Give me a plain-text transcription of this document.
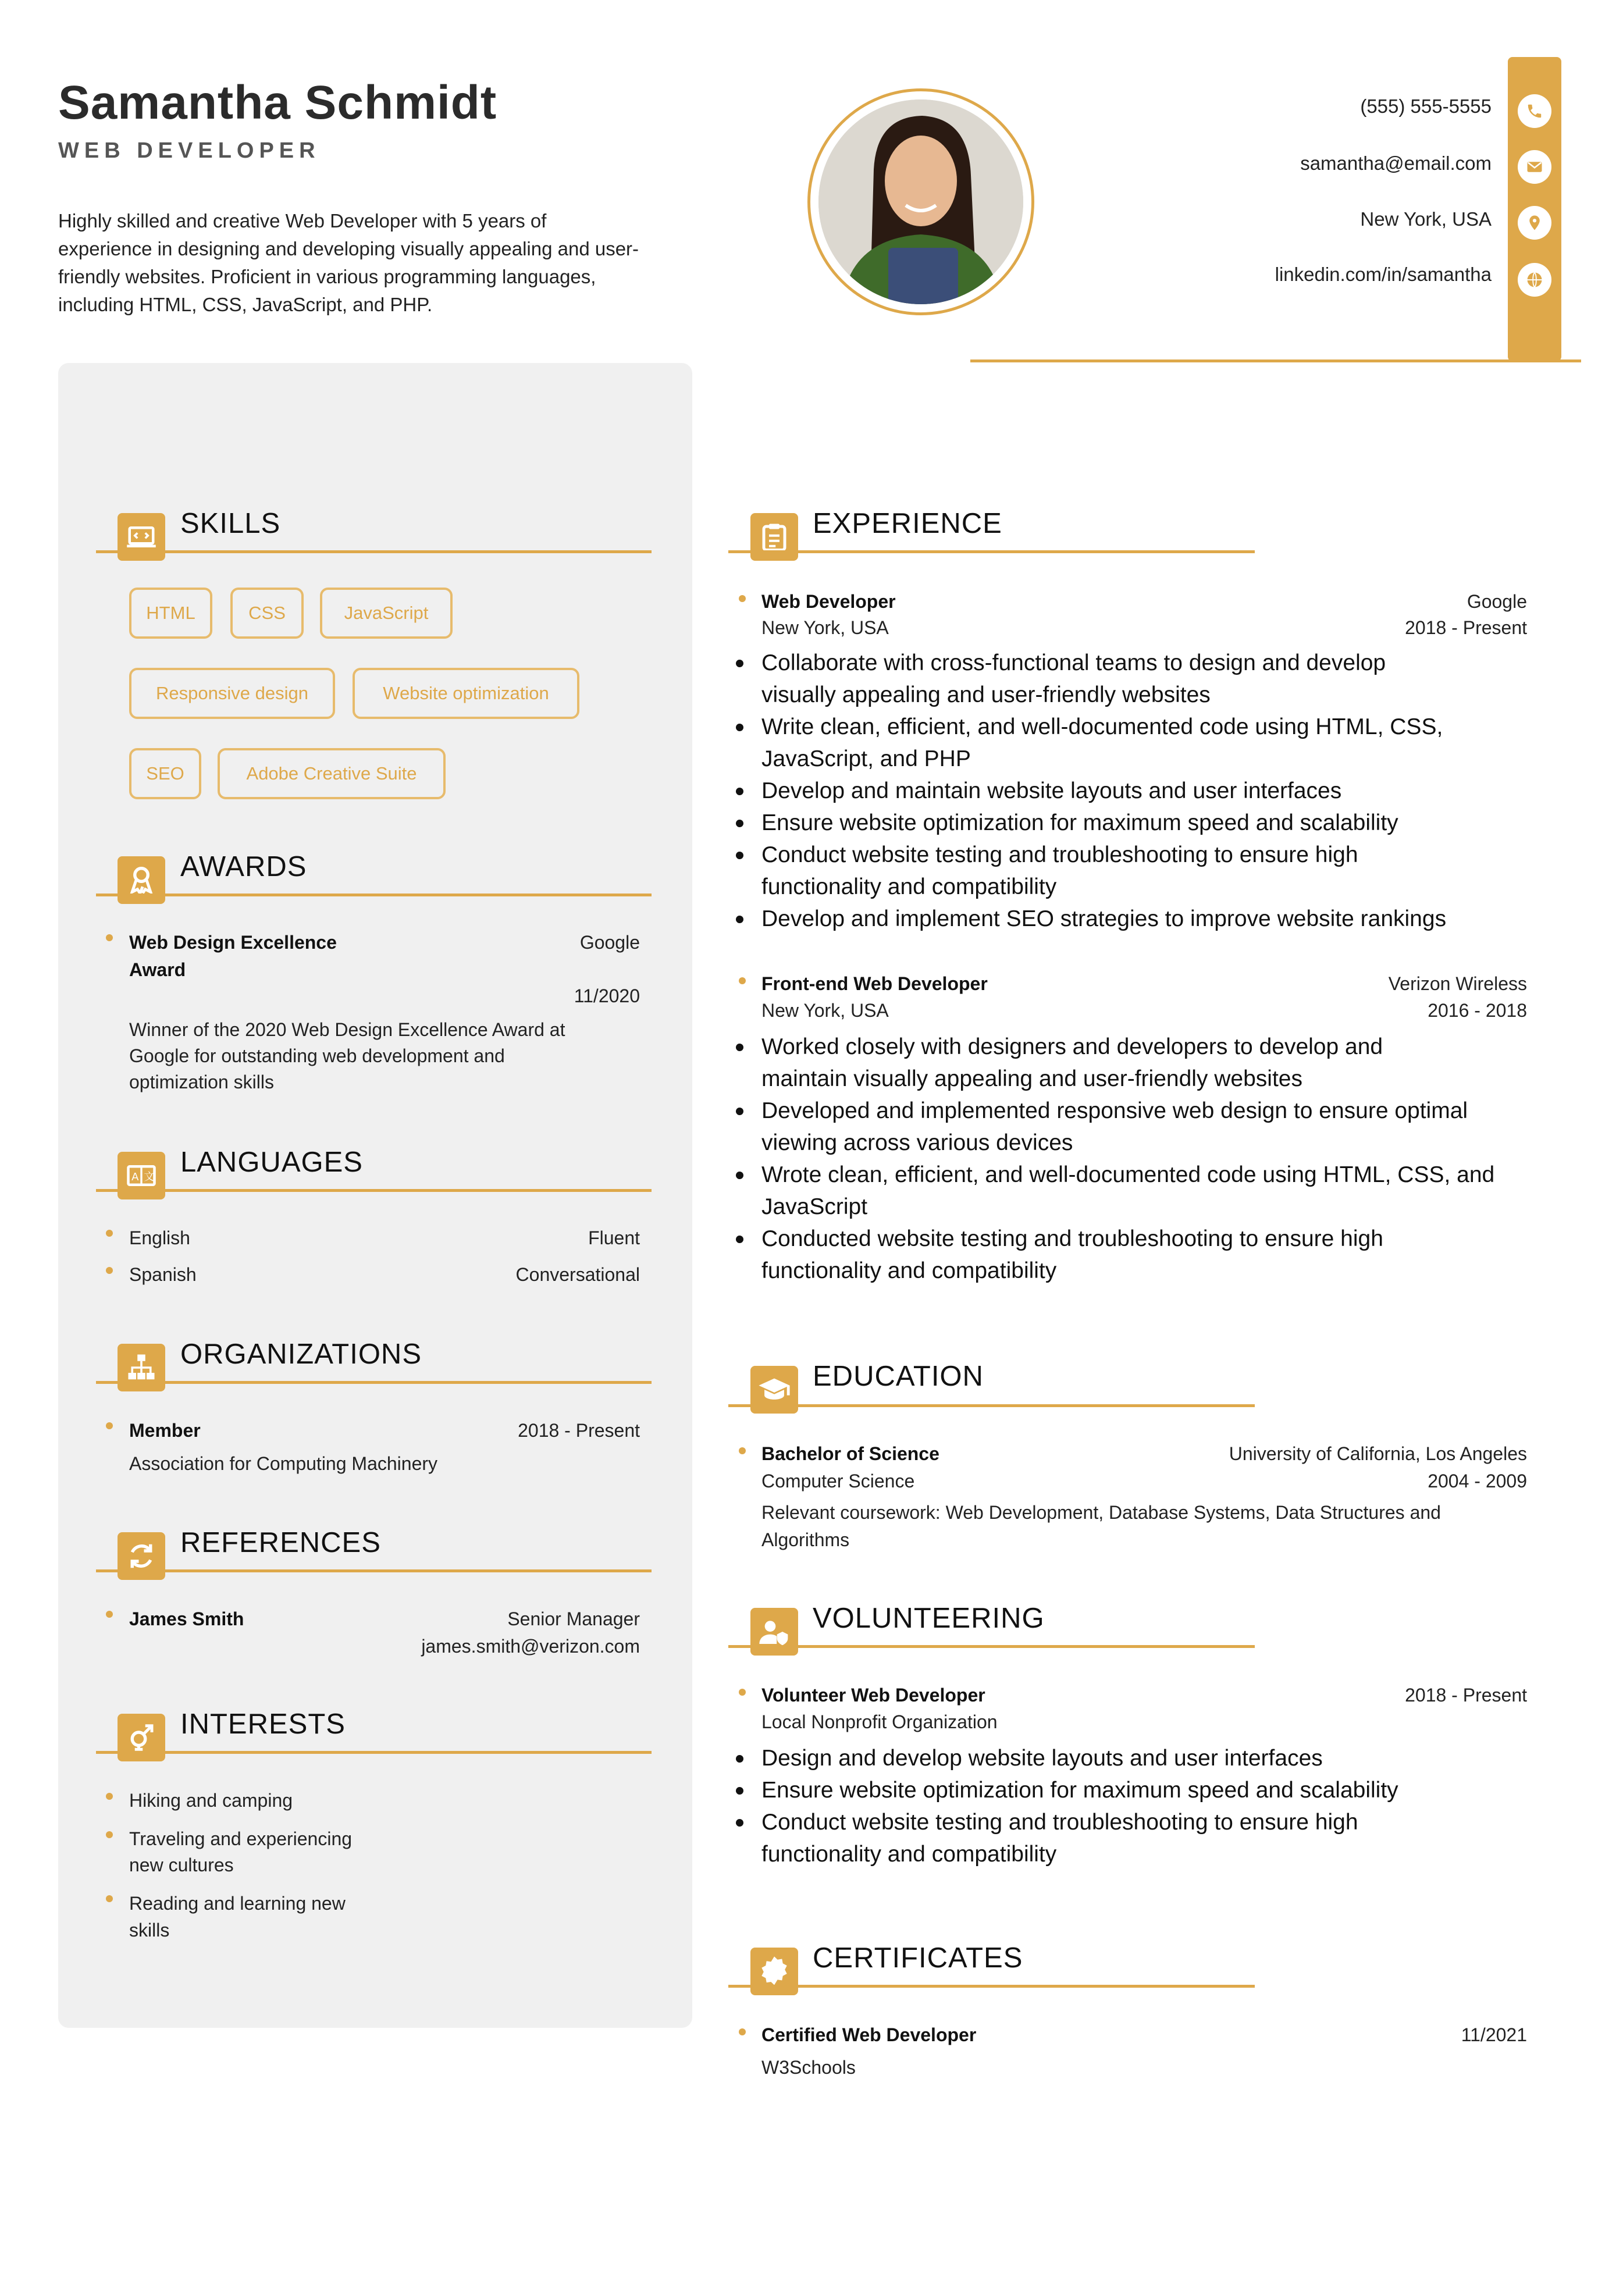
Samantha Schmidt
WEB DEVELOPER
Highly skilled and creative Web Developer with 5 years of experience in designing and developing visually appealing and user-friendly websites. Proficient in various programming languages, including HTML, CSS, JavaScript, and PHP.
(555) 555-5555
samantha@email.com
New York, USA
linkedin.com/in/samantha
SKILLS
HTML	CSS	JavaScript
Responsive design	Website optimization
SEO	Adobe Creative Suite
AWARDS
Web Design Excellence
Award
Google
11/2020
Winner of the 2020 Web Design Excellence Award at
Google for outstanding web development and
optimization skills
A 文 LANGUAGES
English	Fluent
Spanish	Conversational
ORGANIZATIONS
Member	2018 - Present
Association for Computing Machinery
REFERENCES
James Smith	Senior Manager
james.smith@verizon.com
INTERESTS
Hiking and camping
Traveling and experiencing
new cultures
Reading and learning new
skills
EXPERIENCE
Web Developer	Google
New York, USA	2018 - Present
Collaborate with cross-functional teams to design and develop
visually appealing and user-friendly websites
Write clean, efficient, and well-documented code using HTML, CSS,
JavaScript, and PHP
Develop and maintain website layouts and user interfaces
Ensure website optimization for maximum speed and scalability
Conduct website testing and troubleshooting to ensure high
functionality and compatibility
Develop and implement SEO strategies to improve website rankings
Front-end Web Developer	Verizon Wireless
New York, USA	2016 - 2018
Worked closely with designers and developers to develop and
maintain visually appealing and user-friendly websites
Developed and implemented responsive web design to ensure optimal
viewing across various devices
Wrote clean, efficient, and well-documented code using HTML, CSS, and
JavaScript
Conducted website testing and troubleshooting to ensure high
functionality and compatibility
EDUCATION
Bachelor of Science	University of California, Los Angeles
Computer Science	2004 - 2009
Relevant coursework: Web Development, Database Systems, Data Structures and
Algorithms
VOLUNTEERING
Volunteer Web Developer	2018 - Present
Local Nonprofit Organization
Design and develop website layouts and user interfaces
Ensure website optimization for maximum speed and scalability
Conduct website testing and troubleshooting to ensure high
functionality and compatibility
CERTIFICATES
Certified Web Developer	11/2021
W3Schools
